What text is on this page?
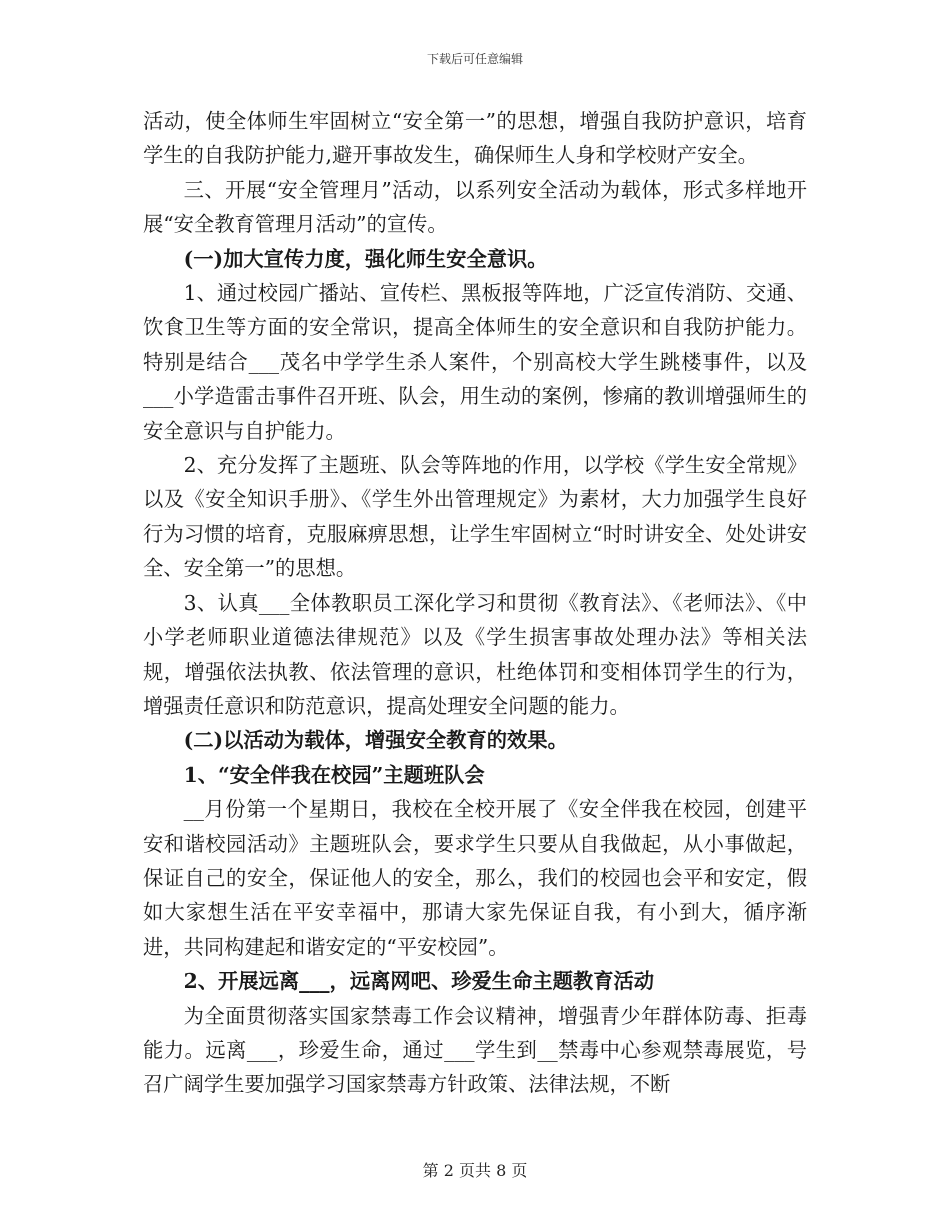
下载后可任意编辑

活动，使全体师生牢固树立“安全第一”的思想，增强自我防护意识，培育学生的自我防护能力,避开事故发生，确保师生人身和学校财产安全。

三、开展“安全管理月”活动，以系列安全活动为载体，形式多样地开展“安全教育管理月活动”的宣传。

(一)加大宣传力度，强化师生安全意识。

1、通过校园广播站、宣传栏、黑板报等阵地，广泛宣传消防、交通、饮食卫生等方面的安全常识，提高全体师生的安全意识和自我防护能力。特别是结合___茂名中学学生杀人案件，个别高校大学生跳楼事件，以及___小学造雷击事件召开班、队会，用生动的案例，惨痛的教训增强师生的安全意识与自护能力。

2、充分发挥了主题班、队会等阵地的作用，以学校《学生安全常规》以及《安全知识手册》、《学生外出管理规定》为素材，大力加强学生良好行为习惯的培育，克服麻痹思想，让学生牢固树立“时时讲安全、处处讲安全、安全第一”的思想。

3、认真___全体教职员工深化学习和贯彻《教育法》、《老师法》、《中小学老师职业道德法律规范》以及《学生损害事故处理办法》等相关法规，增强依法执教、依法管理的意识，杜绝体罚和变相体罚学生的行为，增强责任意识和防范意识，提高处理安全问题的能力。

(二)以活动为载体，增强安全教育的效果。

1、“安全伴我在校园”主题班队会

__月份第一个星期日，我校在全校开展了《安全伴我在校园，创建平安和谐校园活动》主题班队会，要求学生只要从自我做起，从小事做起，保证自己的安全，保证他人的安全，那么，我们的校园也会平和安定，假如大家想生活在平安幸福中，那请大家先保证自我，有小到大，循序渐进，共同构建起和谐安定的“平安校园”。

2、开展远离___，远离网吧、珍爱生命主题教育活动

为全面贯彻落实国家禁毒工作会议精神，增强青少年群体防毒、拒毒能力。远离___，珍爱生命，通过___学生到__禁毒中心参观禁毒展览，号召广阔学生要加强学习国家禁毒方针政策、法律法规，不断

第 2 页共 8 页
